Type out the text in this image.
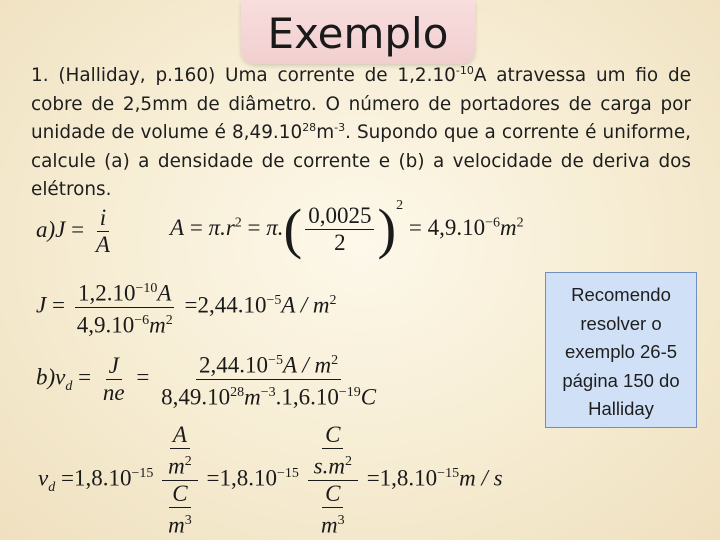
Exemplo
1. (Halliday, p.160) Uma corrente de $1,2.10^{-10}A$ atravessa um fio de cobre de 2,5mm de diâmetro. O número de portadores de carga por unidade de volume é $8,49.10^{28}m^{-3}$. Supondo que a corrente é uniforme, calcule (a) a densidade de corrente e (b) a velocidade de deriva dos elétrons.
$a)J = \frac{i}{A}$ $A = \pi.r^2 = \pi.( \frac{0,0025}{2} )^2 = 4,9.10^{-6}m^2$
$J = \frac{1,2.10^{-10}A}{4,9.10^{-6}m^2} =2,44.10^{-5}A / m^2$
$b)v_d = \frac{J}{ne} = \frac{2,44.10^{-5}A / m^2}{8,49.10^{28}m^{-3}.1,6.10^{-19}C}$
$v_d =1,8.10^{-15} \frac{\frac{A}{m^2}}{\frac{C}{m^3}} =1,8.10^{-15} \frac{\frac{C}{s.m^2}}{\frac{C}{m^3}} =1,8.10^{-15}m / s$
Recomendo resolver o exemplo 26-5 página 150 do Halliday
